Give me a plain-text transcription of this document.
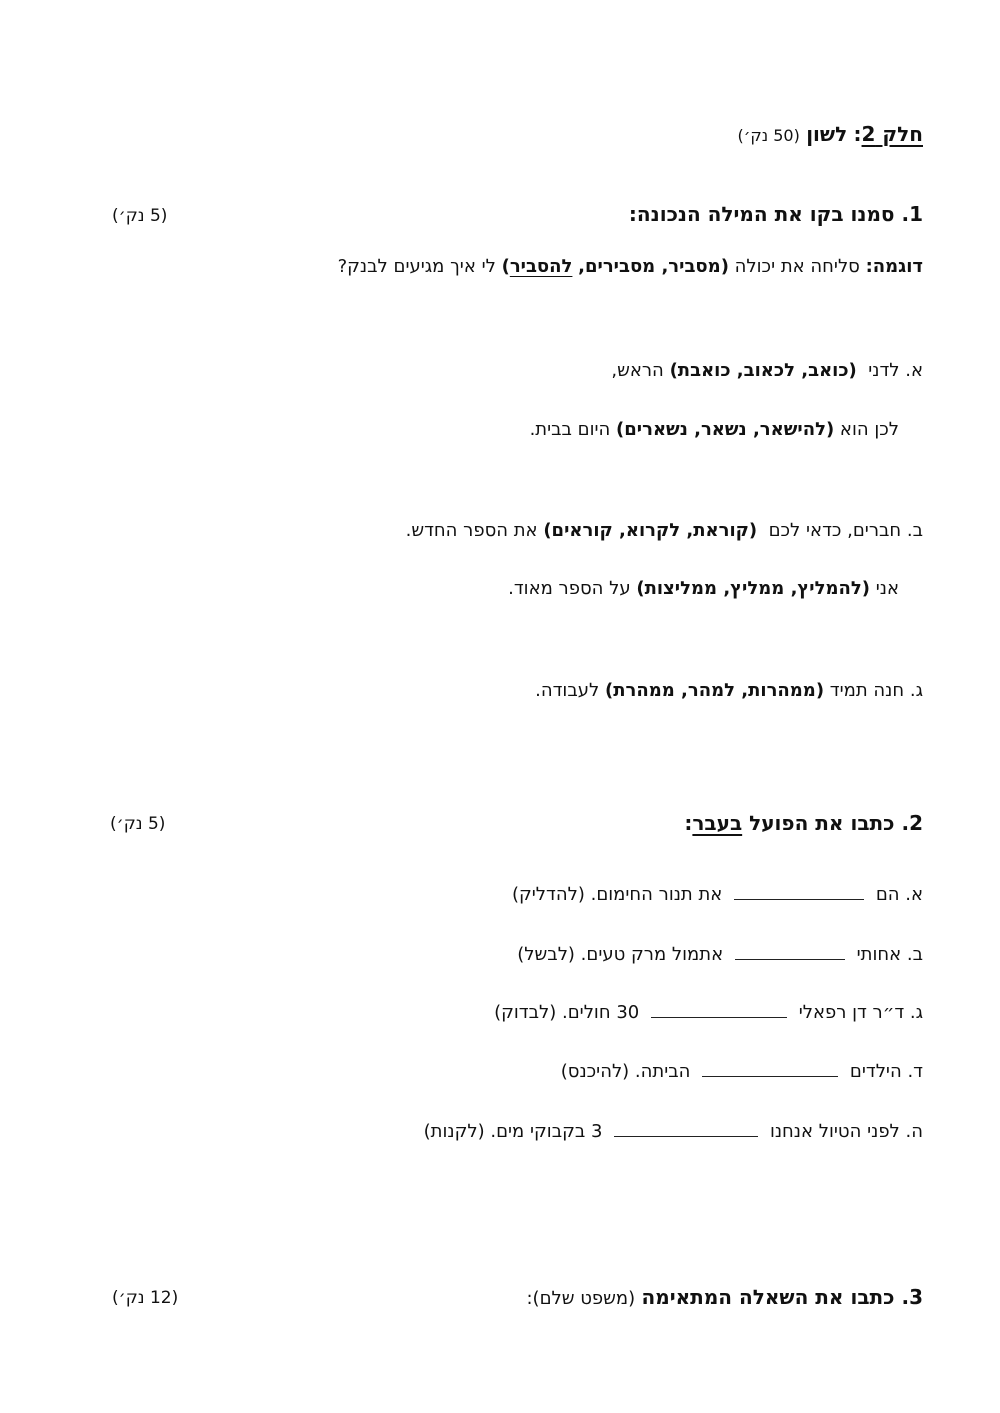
חלק 2: לשון (50 נק׳)
1. סמנו בקו את המילה הנכונה:
(5 נק׳)
דוגמה: סליחה את יכולה (מסביר, מסבירים, להסביר) לי איך מגיעים לבנק?
א. לדני  (כואב, לכאוב, כואבת) הראש,
לכן הוא (להישאר, נשאר, נשארים) היום בבית.
ב. חברים, כדאי לכם  (קוראת, לקרוא, קוראים) את הספר החדש.
אני (להמליץ, ממליץ, ממליצות) על הספר מאוד.
ג. חנה תמיד (ממהרות, למהר, ממהרת) לעבודה.
2. כתבו את הפועל בעבר:
(5 נק׳)
א. הם  את תנור החימום. (להדליק)
ב. אחותי  אתמול מרק טעים. (לבשל)
ג. ד״ר דן רפאלי  30 חולים. (לבדוק)
ד. הילדים  הביתה. (להיכנס)
ה. לפני הטיול אנחנו  3 בקבוקי מים. (לקנות)
3. כתבו את השאלה המתאימה (משפט שלם):
(12 נק׳)
